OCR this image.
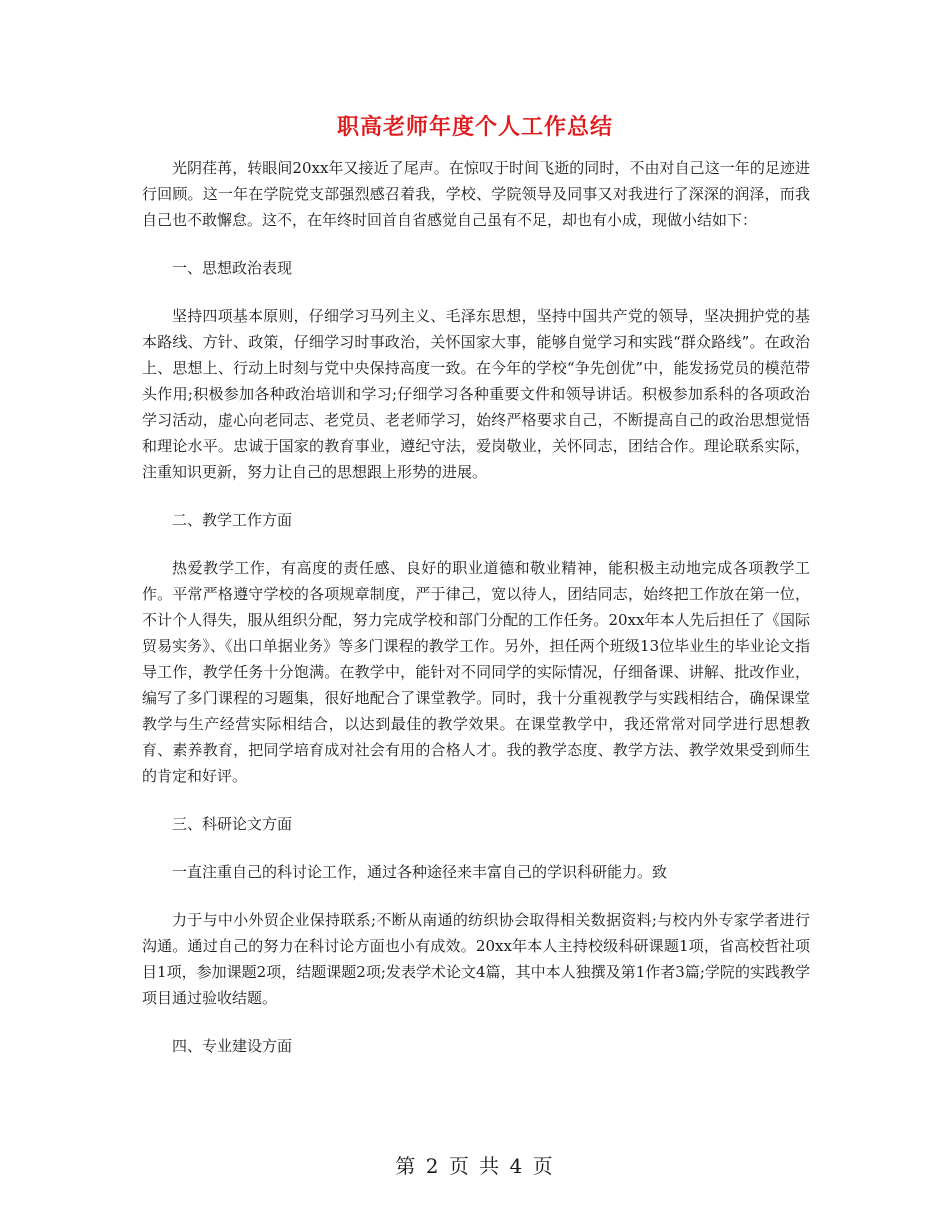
职高老师年度个人工作总结

光阴荏苒，转眼间20xx年又接近了尾声。在惊叹于时间飞逝的同时，不由对自己这一年的足迹进行回顾。这一年在学院党支部强烈感召着我，学校、学院领导及同事又对我进行了深深的润泽，而我自己也不敢懈怠。这不，在年终时回首自省感觉自己虽有不足，却也有小成，现做小结如下：

一、思想政治表现

坚持四项基本原则，仔细学习马列主义、毛泽东思想，坚持中国共产党的领导，坚决拥护党的基本路线、方针、政策，仔细学习时事政治，关怀国家大事，能够自觉学习和实践“群众路线”。在政治上、思想上、行动上时刻与党中央保持高度一致。在今年的学校“争先创优”中，能发扬党员的模范带头作用;积极参加各种政治培训和学习;仔细学习各种重要文件和领导讲话。积极参加系科的各项政治学习活动，虚心向老同志、老党员、老老师学习，始终严格要求自己，不断提高自己的政治思想觉悟和理论水平。忠诚于国家的教育事业，遵纪守法，爱岗敬业，关怀同志，团结合作。理论联系实际，注重知识更新，努力让自己的思想跟上形势的进展。

二、教学工作方面

热爱教学工作，有高度的责任感、良好的职业道德和敬业精神，能积极主动地完成各项教学工作。平常严格遵守学校的各项规章制度，严于律己，宽以待人，团结同志，始终把工作放在第一位，不计个人得失，服从组织分配，努力完成学校和部门分配的工作任务。20xx年本人先后担任了《国际贸易实务》、《出口单据业务》等多门课程的教学工作。另外，担任两个班级13位毕业生的毕业论文指导工作，教学任务十分饱满。在教学中，能针对不同同学的实际情况，仔细备课、讲解、批改作业，编写了多门课程的习题集，很好地配合了课堂教学。同时，我十分重视教学与实践相结合，确保课堂教学与生产经营实际相结合，以达到最佳的教学效果。在课堂教学中，我还常常对同学进行思想教育、素养教育，把同学培育成对社会有用的合格人才。我的教学态度、教学方法、教学效果受到师生的肯定和好评。

三、科研论文方面

一直注重自己的科讨论工作，通过各种途径来丰富自己的学识科研能力。致

力于与中小外贸企业保持联系;不断从南通的纺织协会取得相关数据资料;与校内外专家学者进行沟通。通过自己的努力在科讨论方面也小有成效。20xx年本人主持校级科研课题1项，省高校哲社项目1项，参加课题2项，结题课题2项;发表学术论文4篇，其中本人独撰及第1作者3篇;学院的实践教学项目通过验收结题。

四、专业建设方面

第 2 页 共 4 页
